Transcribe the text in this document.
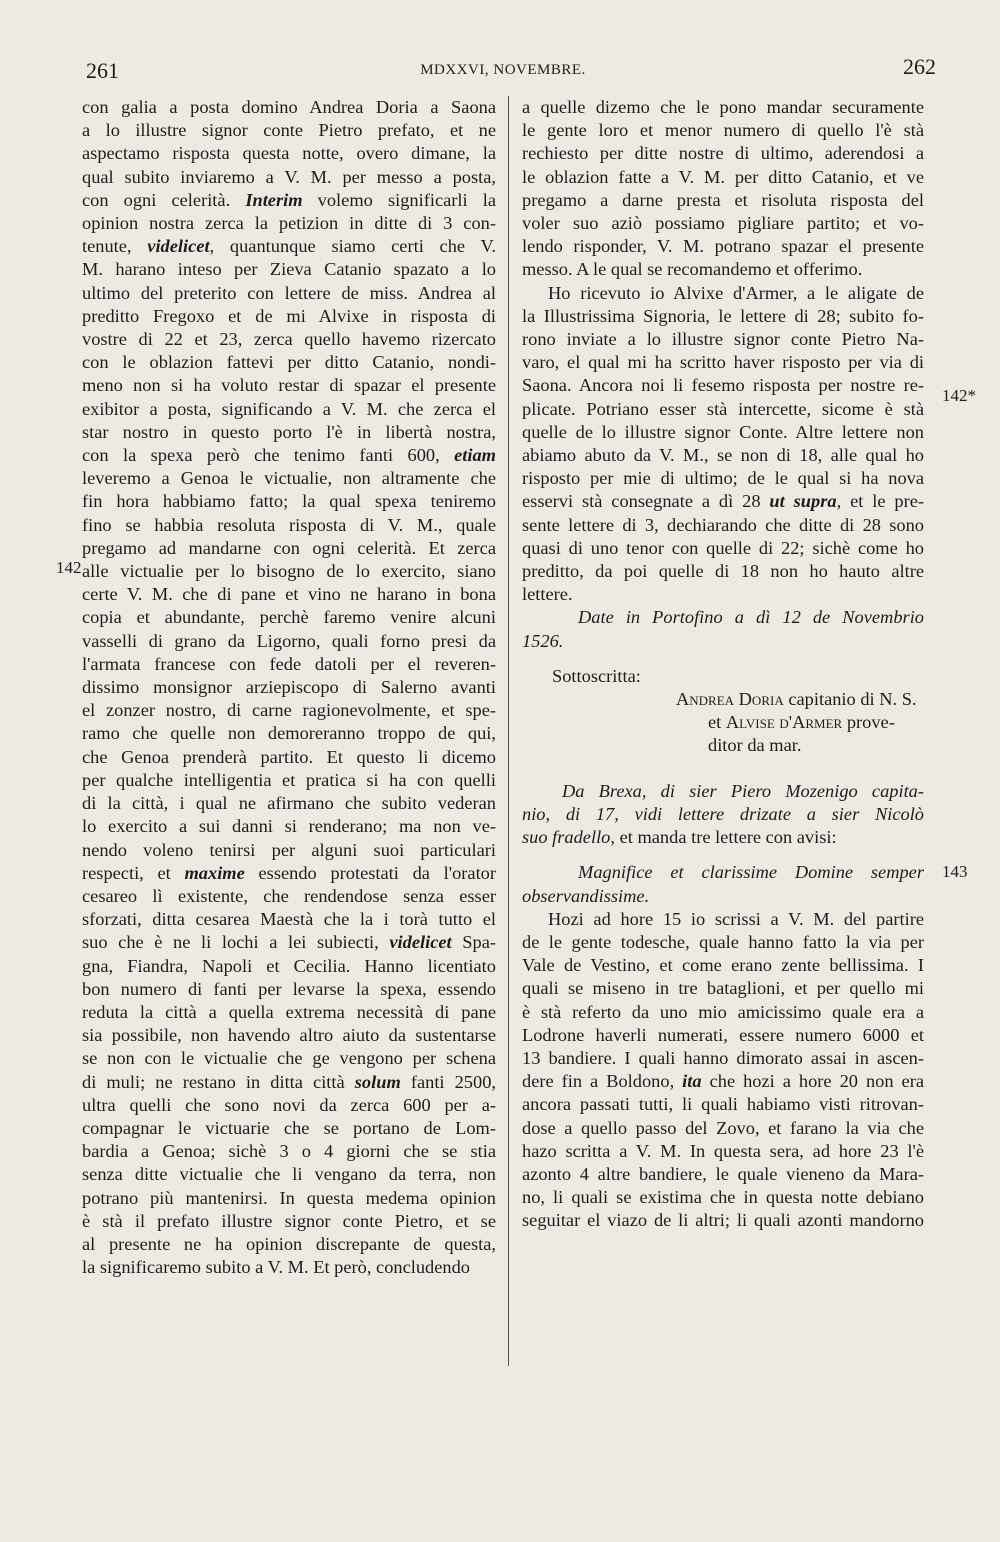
261	MDXXVI, NOVEMBRE.	262
142
142*
143
con galia a posta domino Andrea Doria a Saona
a lo illustre signor conte Pietro prefato, et ne
aspectamo risposta questa notte, overo dimane, la
qual subito inviaremo a V. M. per messo a posta,
con ogni celerità. Interim volemo significarli la
opinion nostra zerca la petizion in ditte di 3 con-
tenute, videlicet, quantunque siamo certi che V.
M. harano inteso per Zieva Catanio spazato a lo
ultimo del preterito con lettere de miss. Andrea al
preditto Fregoxo et de mi Alvixe in risposta di
vostre di 22 et 23, zerca quello havemo rizercato
con le oblazion fattevi per ditto Catanio, nondi-
meno non si ha voluto restar di spazar el presente
exibitor a posta, significando a V. M. che zerca el
star nostro in questo porto l'è in libertà nostra,
con la spexa però che tenimo fanti 600, etiam
leveremo a Genoa le victualie, non altramente che
fin hora habbiamo fatto; la qual spexa teniremo
fino se habbia resoluta risposta di V. M., quale
pregamo ad mandarne con ogni celerità. Et zerca
alle victualie per lo bisogno de lo exercito, siano
certe V. M. che di pane et vino ne harano in bona
copia et abundante, perchè faremo venire alcuni
vasselli di grano da Ligorno, quali forno presi da
l'armata francese con fede datoli per el reveren-
dissimo monsignor arziepiscopo di Salerno avanti
el zonzer nostro, di carne ragionevolmente, et spe-
ramo che quelle non demoreranno troppo de qui,
che Genoa prenderà partito. Et questo li dicemo
per qualche intelligentia et pratica si ha con quelli
di la città, i qual ne afirmano che subito vederan
lo exercito a sui danni si renderano; ma non ve-
nendo voleno tenirsi per alguni suoi particulari
respecti, et maxime essendo protestati da l'orator
cesareo lì existente, che rendendose senza esser
sforzati, ditta cesarea Maestà che la i torà tutto el
suo che è ne li lochi a lei subiecti, videlicet Spa-
gna, Fiandra, Napoli et Cecilia. Hanno licentiato
bon numero di fanti per levarse la spexa, essendo
reduta la città a quella extrema necessità di pane
sia possibile, non havendo altro aiuto da sustentarse
se non con le victualie che ge vengono per schena
di muli; ne restano in ditta città solum fanti 2500,
ultra quelli che sono novi da zerca 600 per a-
compagnar le victuarie che se portano de Lom-
bardia a Genoa; sichè 3 o 4 giorni che se stia
senza ditte victualie che li vengano da terra, non
potrano più mantenirsi. In questa medema opinion
è stà il prefato illustre signor conte Pietro, et se
al presente ne ha opinion discrepante de questa,
la significaremo subito a V. M. Et però, concludendo
a quelle dizemo che le pono mandar securamente
le gente loro et menor numero di quello l'è stà
rechiesto per ditte nostre di ultimo, aderendosi a
le oblazion fatte a V. M. per ditto Catanio, et ve
pregamo a darne presta et risoluta risposta del
voler suo aziò possiamo pigliare partito; et vo-
lendo risponder, V. M. potrano spazar el presente
messo. A le qual se recomandemo et offerimo.
Ho ricevuto io Alvixe d'Armer, a le aligate de
la Illustrissima Signoria, le lettere di 28; subito fo-
rono inviate a lo illustre signor conte Pietro Na-
varo, el qual mi ha scritto haver risposto per via di
Saona. Ancora noi li fesemo risposta per nostre re-
plicate. Potriano esser stà intercette, sicome è stà
quelle de lo illustre signor Conte. Altre lettere non
abiamo abuto da V. M., se non di 18, alle qual ho
risposto per mie di ultimo; de le qual si ha nova
esservi stà consegnate a dì 28 ut supra, et le pre-
sente lettere di 3, dechiarando che ditte di 28 sono
quasi di uno tenor con quelle di 22; sichè come ho
preditto, da poi quelle di 18 non ho hauto altre
lettere.
Date in Portofino a dì 12 de Novembrio
1526.
Sottoscritta:
Andrea Doria capitanio di N. S.
et Alvise d'Armer prove-
ditor da mar.
Da Brexa, di sier Piero Mozenigo capita-
nio, di 17, vidi lettere drizate a sier Nicolò
suo fradello, et manda tre lettere con avisi:
Magnifice et clarissime Domine semper
observandissime.
Hozi ad hore 15 io scrissi a V. M. del partire
de le gente todesche, quale hanno fatto la via per
Vale de Vestino, et come erano zente bellissima. I
quali se miseno in tre bataglioni, et per quello mi
è stà referto da uno mio amicissimo quale era a
Lodrone haverli numerati, essere numero 6000 et
13 bandiere. I quali hanno dimorato assai in ascen-
dere fin a Boldono, ita che hozi a hore 20 non era
ancora passati tutti, li quali habiamo visti ritrovan-
dose a quello passo del Zovo, et farano la via che
hazo scritta a V. M. In questa sera, ad hore 23 l'è
azonto 4 altre bandiere, le quale vieneno da Mara-
no, li quali se existima che in questa notte debiano
seguitar el viazo de li altri; li quali azonti mandorno
